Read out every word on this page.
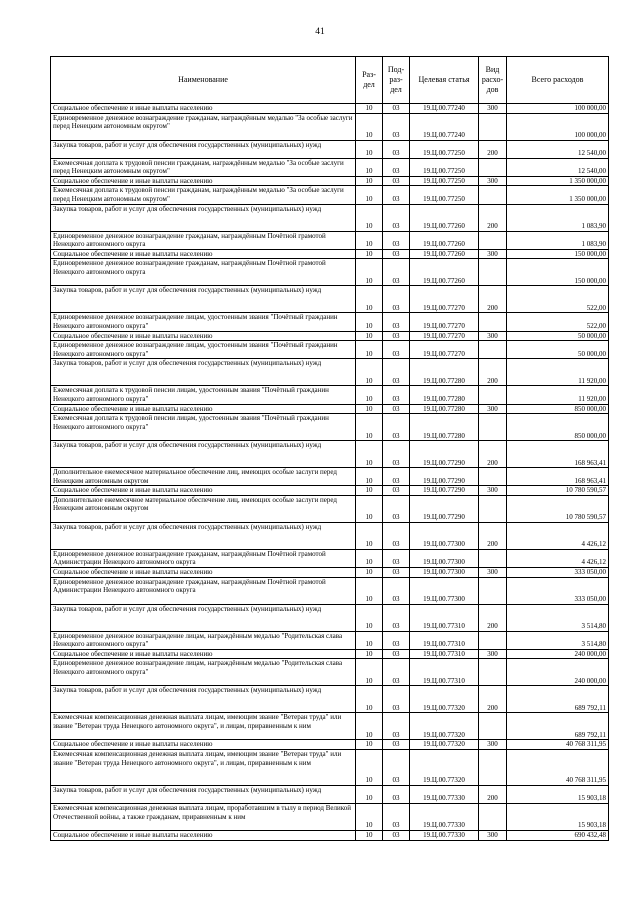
41
Наименование	Раз-дел	Под-раз-дел	Целевая статья	Вид расхо-дов	Всего расходов
Социальное обеспечение и иные выплаты населению	10	03	19.Ц.00.77240	300	100 000,00
Единовременное денежное вознаграждение гражданам, награждённым медалью "За особые заслуги перед Ненецким автономным округом"	10	03	19.Ц.00.77240		100 000,00
Закупка товаров, работ и услуг для обеспечения государственных (муниципальных) нужд	10	03	19.Ц.00.77250	200	12 540,00
Ежемесячная доплата к трудовой пенсии гражданам, награждённым медалью "За особые заслуги перед Ненецким автономным округом"	10	03	19.Ц.00.77250		12 540,00
Социальное обеспечение и иные выплаты населению	10	03	19.Ц.00.77250	300	1 350 000,00
Ежемесячная доплата к трудовой пенсии гражданам, награждённым медалью "За особые заслуги перед Ненецким автономным округом"	10	03	19.Ц.00.77250		1 350 000,00
Закупка товаров, работ и услуг для обеспечения государственных (муниципальных) нужд	10	03	19.Ц.00.77260	200	1 083,90
Единовременное денежное вознаграждение гражданам, награждённым Почётной грамотой Ненецкого автономного округа	10	03	19.Ц.00.77260		1 083,90
Социальное обеспечение и иные выплаты населению	10	03	19.Ц.00.77260	300	150 000,00
Единовременное денежное вознаграждение гражданам, награждённым Почётной грамотой Ненецкого автономного округа	10	03	19.Ц.00.77260		150 000,00
Закупка товаров, работ и услуг для обеспечения государственных (муниципальных) нужд	10	03	19.Ц.00.77270	200	522,00
Единовременное денежное вознаграждение лицам, удостоенным звания "Почётный гражданин Ненецкого автономного округа"	10	03	19.Ц.00.77270		522,00
Социальное обеспечение и иные выплаты населению	10	03	19.Ц.00.77270	300	50 000,00
Единовременное денежное вознаграждение лицам, удостоенным звания "Почётный гражданин Ненецкого автономного округа"	10	03	19.Ц.00.77270		50 000,00
Закупка товаров, работ и услуг для обеспечения государственных (муниципальных) нужд	10	03	19.Ц.00.77280	200	11 920,00
Ежемесячная доплата к трудовой пенсии лицам, удостоенным звания "Почётный гражданин Ненецкого автономного округа"	10	03	19.Ц.00.77280		11 920,00
Социальное обеспечение и иные выплаты населению	10	03	19.Ц.00.77280	300	850 000,00
Ежемесячная доплата к трудовой пенсии лицам, удостоенным звания "Почётный гражданин Ненецкого автономного округа"	10	03	19.Ц.00.77280		850 000,00
Закупка товаров, работ и услуг для обеспечения государственных (муниципальных) нужд	10	03	19.Ц.00.77290	200	168 963,41
Дополнительное ежемесячное материальное обеспечение лиц, имеющих особые заслуги перед Ненецким автономным округом	10	03	19.Ц.00.77290		168 963,41
Социальное обеспечение и иные выплаты населению	10	03	19.Ц.00.77290	300	10 780 590,57
Дополнительное ежемесячное материальное обеспечение лиц, имеющих особые заслуги перед Ненецким автономным округом	10	03	19.Ц.00.77290		10 780 590,57
Закупка товаров, работ и услуг для обеспечения государственных (муниципальных) нужд	10	03	19.Ц.00.77300	200	4 426,12
Единовременное денежное вознаграждение гражданам, награждённым Почётной грамотой Администрации Ненецкого автономного округа	10	03	19.Ц.00.77300		4 426,12
Социальное обеспечение и иные выплаты населению	10	03	19.Ц.00.77300	300	333 050,00
Единовременное денежное вознаграждение гражданам, награждённым Почётной грамотой Администрации Ненецкого автономного округа	10	03	19.Ц.00.77300		333 050,00
Закупка товаров, работ и услуг для обеспечения государственных (муниципальных) нужд	10	03	19.Ц.00.77310	200	3 514,80
Единовременное денежное вознаграждение лицам, награждённым медалью "Родительская слава Ненецкого автономного округа"	10	03	19.Ц.00.77310		3 514,80
Социальное обеспечение и иные выплаты населению	10	03	19.Ц.00.77310	300	240 000,00
Единовременное денежное вознаграждение лицам, награждённым медалью "Родительская слава Ненецкого автономного округа"	10	03	19.Ц.00.77310		240 000,00
Закупка товаров, работ и услуг для обеспечения государственных (муниципальных) нужд	10	03	19.Ц.00.77320	200	689 792,11
Ежемесячная компенсационная денежная выплата лицам, имеющим звание "Ветеран труда" или звание "Ветеран труда Ненецкого автономного округа", и лицам, приравненным к ним	10	03	19.Ц.00.77320		689 792,11
Социальное обеспечение и иные выплаты населению	10	03	19.Ц.00.77320	300	40 768 311,95
Ежемесячная компенсационная денежная выплата лицам, имеющим звание "Ветеран труда" или звание "Ветеран труда Ненецкого автономного округа", и лицам, приравненным к ним	10	03	19.Ц.00.77320		40 768 311,95
Закупка товаров, работ и услуг для обеспечения государственных (муниципальных) нужд	10	03	19.Ц.00.77330	200	15 903,18
Ежемесячная компенсационная денежная выплата лицам, проработавшим в тылу в период Великой Отечественной войны, а также гражданам, приравненным к ним	10	03	19.Ц.00.77330		15 903,18
Социальное обеспечение и иные выплаты населению	10	03	19.Ц.00.77330	300	690 432,48
